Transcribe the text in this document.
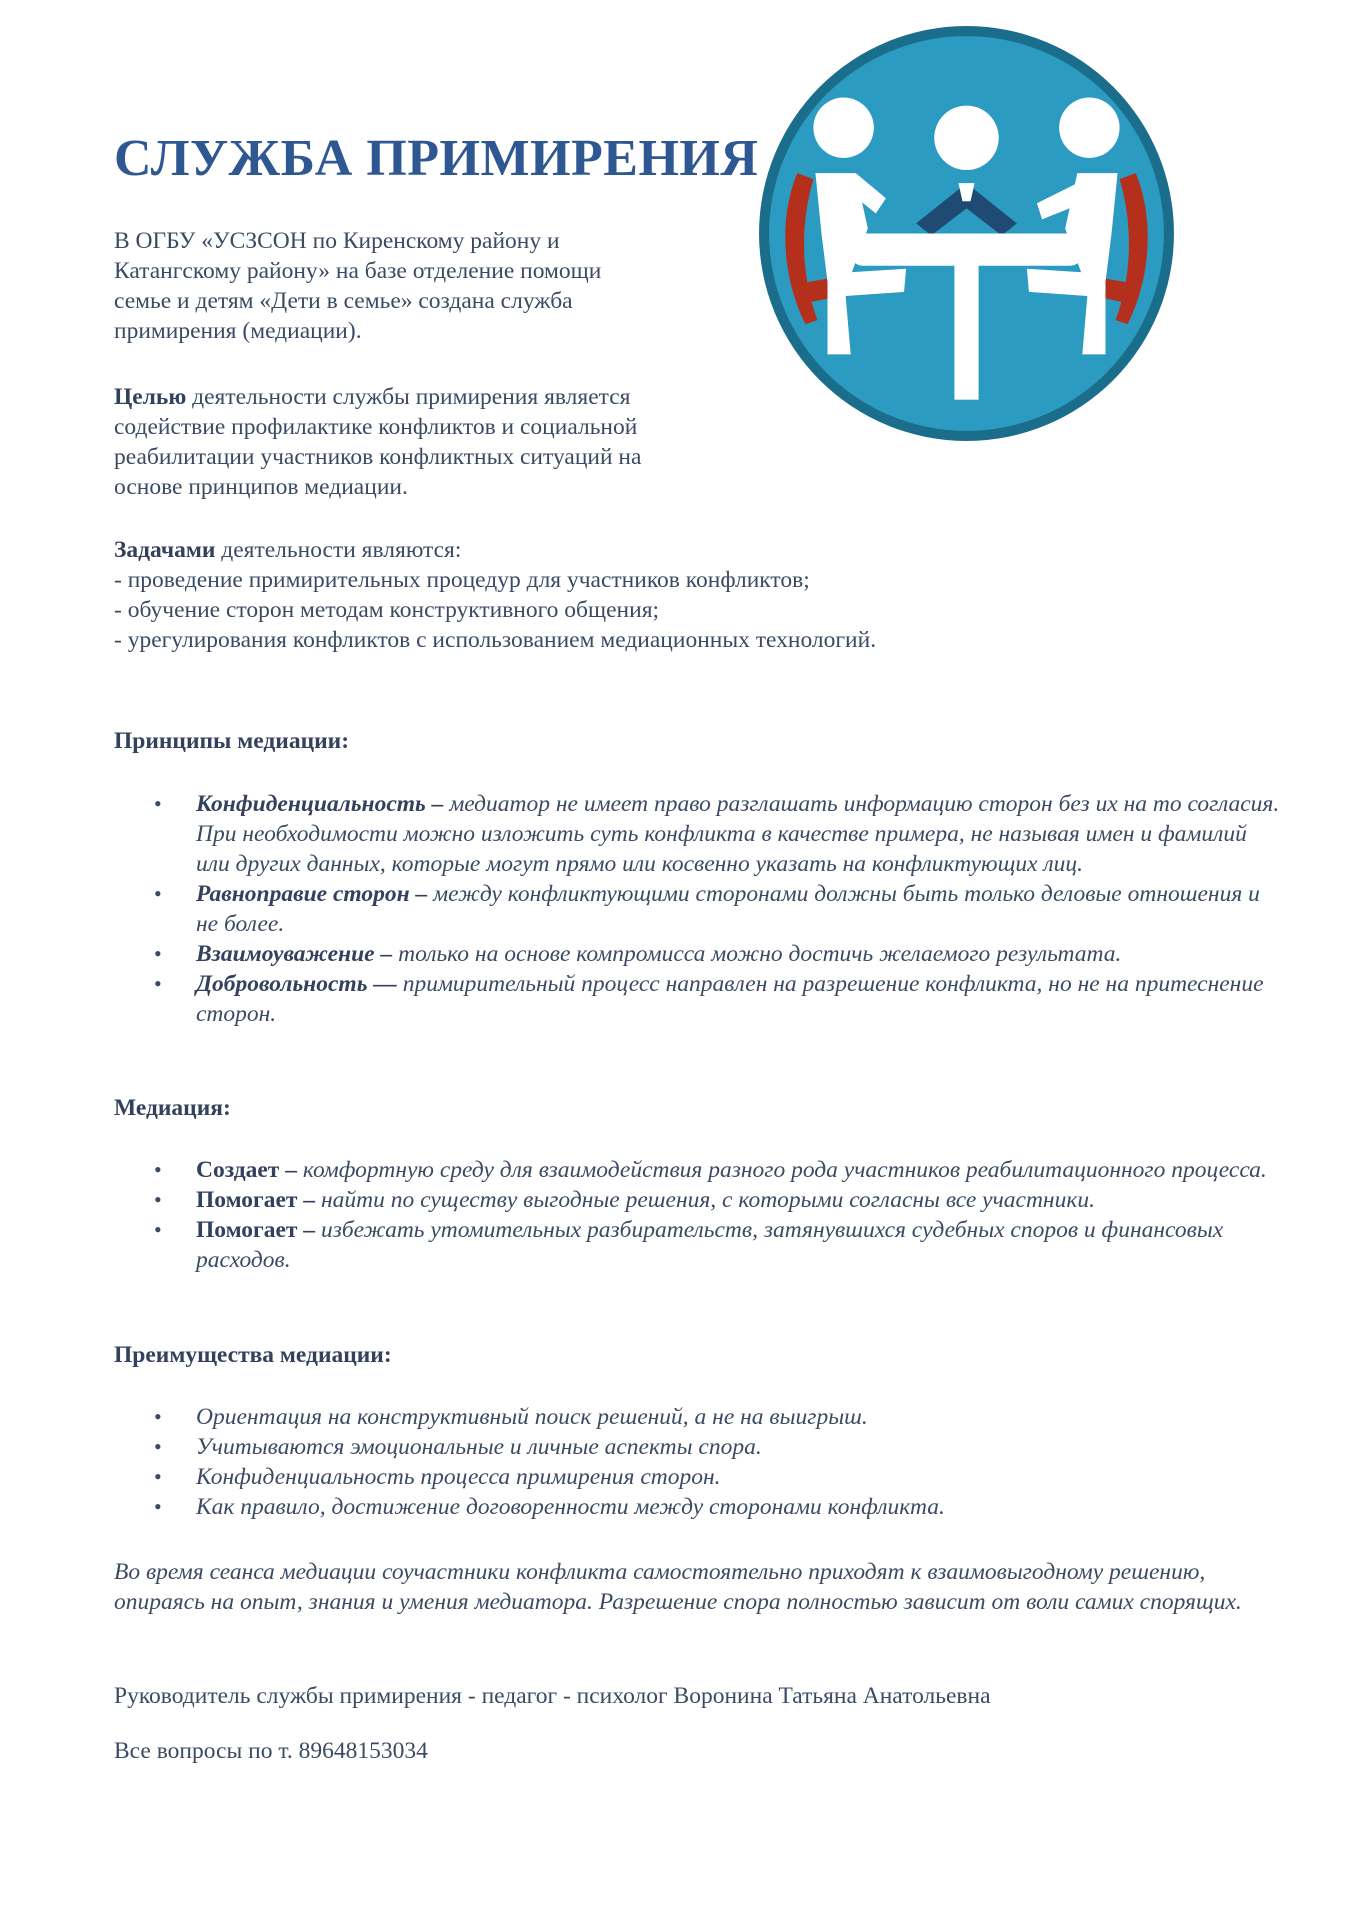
СЛУЖБА ПРИМИРЕНИЯ
В ОГБУ «УСЗСОН по Киренскому району и
Катангскому району» на базе отделение помощи
семье и детям «Дети в семье» создана служба
примирения (медиации).
Целью деятельности службы примирения является
содействие профилактике конфликтов и социальной
реабилитации участников конфликтных ситуаций на
основе принципов медиации.
Задачами деятельности являются:
- проведение примирительных процедур для участников конфликтов;
- обучение сторон методам конструктивного общения;
- урегулирования конфликтов с использованием медиационных технологий.
Принципы медиации:
• Конфиденциальность – медиатор не имеет право разглашать информацию сторон без их на то согласия. При необходимости можно изложить суть конфликта в качестве примера, не называя имен и фамилий или других данных, которые могут прямо или косвенно указать на конфликтующих лиц.
• Равноправие сторон – между конфликтующими сторонами должны быть только деловые отношения и не более.
• Взаимоуважение – только на основе компромисса можно достичь желаемого результата.
• Добровольность — примирительный процесс направлен на разрешение конфликта, но не на притеснение сторон.
Медиация:
• Создает – комфортную среду для взаимодействия разного рода участников реабилитационного процесса.
• Помогает – найти по существу выгодные решения, с которыми согласны все участники.
• Помогает – избежать утомительных разбирательств, затянувшихся судебных споров и финансовых расходов.
Преимущества медиации:
• Ориентация на конструктивный поиск решений, а не на выигрыш.
• Учитываются эмоциональные и личные аспекты спора.
• Конфиденциальность процесса примирения сторон.
• Как правило, достижение договоренности между сторонами конфликта.

Во время сеанса медиации соучастники конфликта самостоятельно приходят к взаимовыгодному решению, опираясь на опыт, знания и умения медиатора. Разрешение спора полностью зависит от воли самих спорящих.

Руководитель службы примирения - педагог - психолог Воронина Татьяна Анатольевна
Все вопросы по т. 89648153034
